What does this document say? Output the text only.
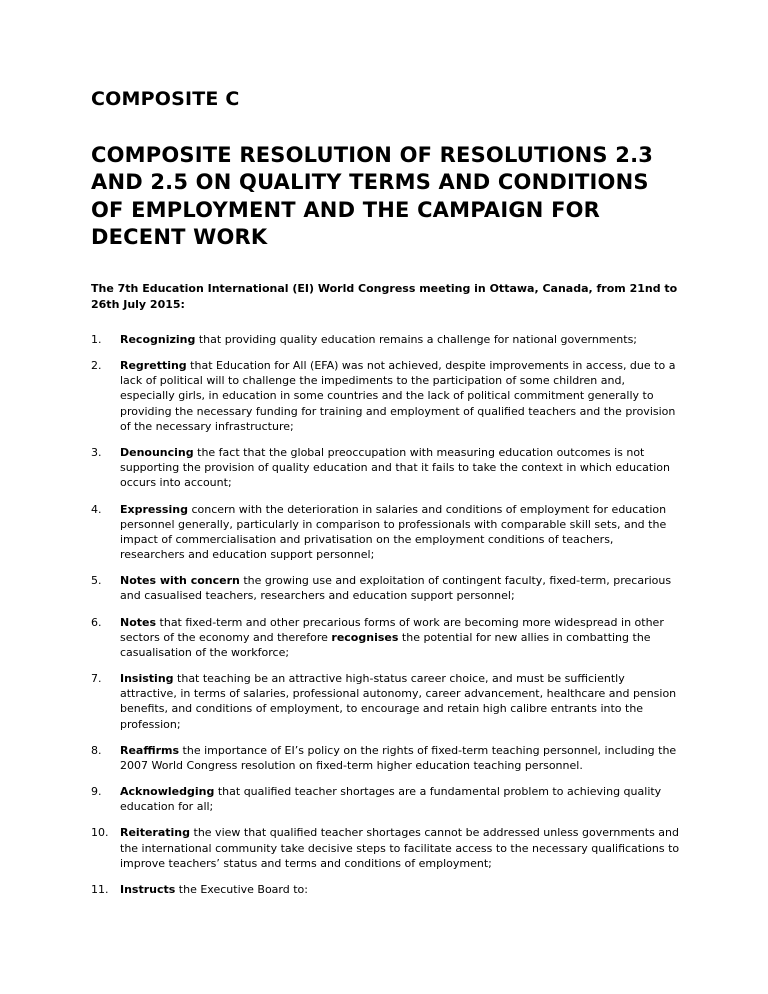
COMPOSITE C
COMPOSITE RESOLUTION OF RESOLUTIONS 2.3 AND 2.5 ON QUALITY TERMS AND CONDITIONS OF EMPLOYMENT AND THE CAMPAIGN FOR DECENT WORK

The 7th Education International (EI) World Congress meeting in Ottawa, Canada, from 21nd to 26th July 2015:

1.	Recognizing that providing quality education remains a challenge for national governments;
2.	Regretting that Education for All (EFA) was not achieved, despite improvements in access, due to a lack of political will to challenge the impediments to the participation of some children and, especially girls, in education in some countries and the lack of political commitment generally to providing the necessary funding for training and employment of qualified teachers and the provision of the necessary infrastructure;
3.	Denouncing the fact that the global preoccupation with measuring education outcomes is not supporting the provision of quality education and that it fails to take the context in which education occurs into account;
4.	Expressing concern with the deterioration in salaries and conditions of employment for education personnel generally, particularly in comparison to professionals with comparable skill sets, and the impact of commercialisation and privatisation on the employment conditions of teachers, researchers and education support personnel;
5.	Notes with concern the growing use and exploitation of contingent faculty, fixed-term, precarious and casualised teachers, researchers and education support personnel;
6.	Notes that fixed-term and other precarious forms of work are becoming more widespread in other sectors of the economy and therefore recognises the potential for new allies in combatting the casualisation of the workforce;
7.	Insisting that teaching be an attractive high-status career choice, and must be sufficiently attractive, in terms of salaries, professional autonomy, career advancement, healthcare and pension benefits, and conditions of employment, to encourage and retain high calibre entrants into the profession;
8.	Reaffirms the importance of EI’s policy on the rights of fixed-term teaching personnel, including the 2007 World Congress resolution on fixed-term higher education teaching personnel.
9.	Acknowledging that qualified teacher shortages are a fundamental problem to achieving quality education for all;
10.	Reiterating the view that qualified teacher shortages cannot be addressed unless governments and the international community take decisive steps to facilitate access to the necessary qualifications to improve teachers’ status and terms and conditions of employment;
11.	Instructs the Executive Board to:
